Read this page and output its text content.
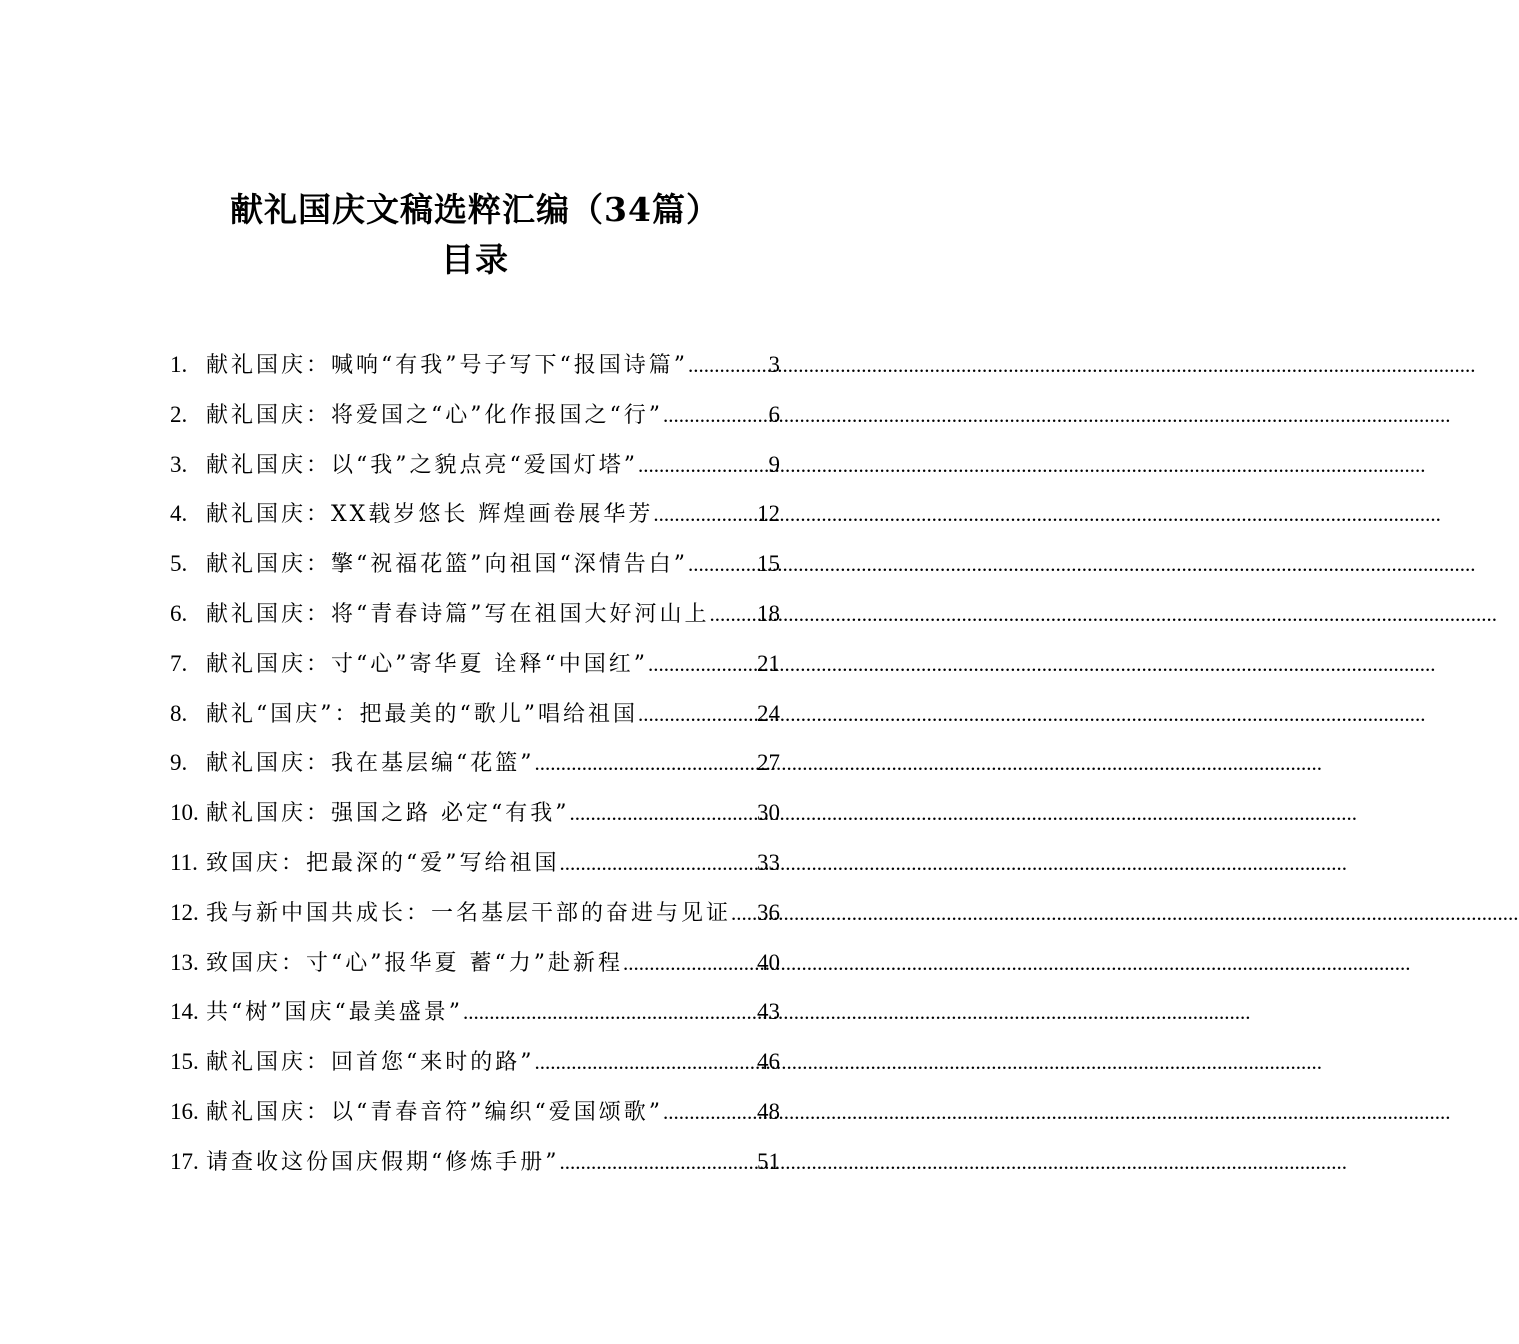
献礼国庆文稿选粹汇编（34篇）
目录
1. 献礼国庆：喊响“有我”号子写下“报国诗篇” .....	3
2. 献礼国庆：将爱国之“心”化作报国之“行” .....	6
3. 献礼国庆：以“我”之貌点亮“爱国灯塔” .....	9
4. 献礼国庆：XX载岁悠长 辉煌画卷展华芳 .....	12
5. 献礼国庆：擎“祝福花篮”向祖国“深情告白” .....	15
6. 献礼国庆：将“青春诗篇”写在祖国大好河山上 ..... 18
7. 献礼国庆：寸“心”寄华夏 诠释“中国红” .....	21
8. 献礼“国庆”：把最美的“歌儿”唱给祖国 .....	24
9. 献礼国庆：我在基层编“花篮” .....	27
10. 献礼国庆：强国之路 必定“有我” .....	30
11. 致国庆：把最深的“爱”写给祖国 .....	33
12. 我与新中国共成长：一名基层干部的奋进与见证 ..... 36
13. 致国庆：寸“心”报华夏 蓄“力”赴新程 .....	40
14. 共“树”国庆“最美盛景” .....	43
15. 献礼国庆：回首您“来时的路” .....	46
16. 献礼国庆：以“青春音符”编织“爱国颂歌” .....	48
17. 请查收这份国庆假期“修炼手册” .....	51
